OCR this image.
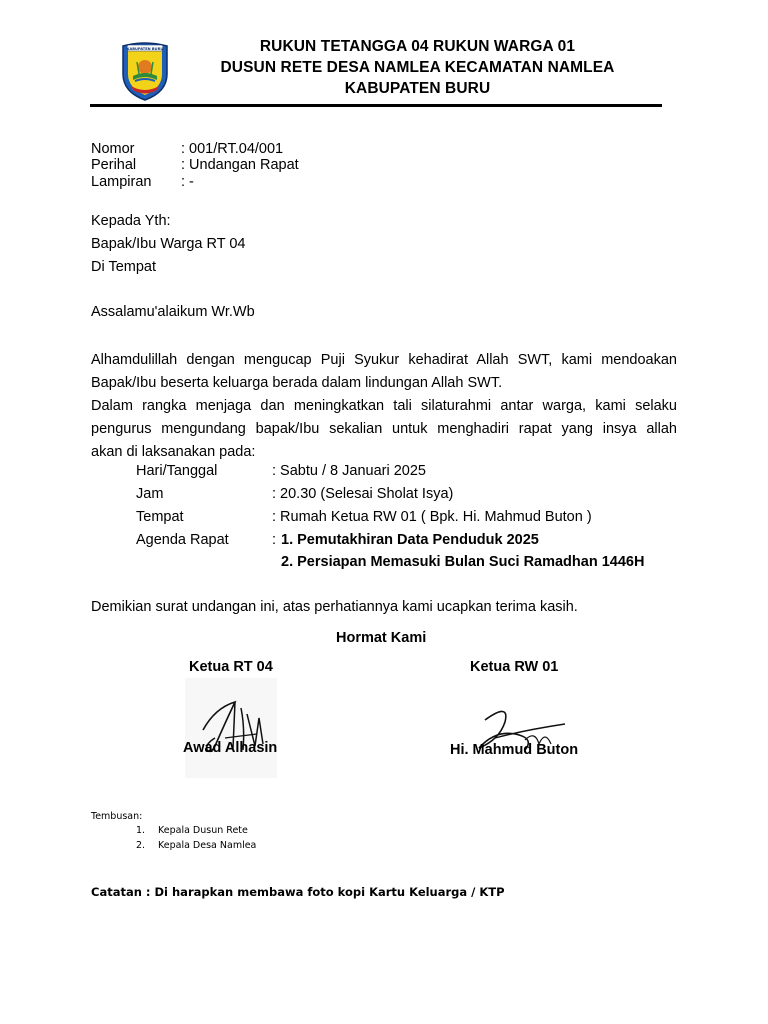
KABUPATEN BURU	RUKUN TETANGGA 04 RUKUN WARGA 01
DUSUN RETE DESA NAMLEA KECAMATAN NAMLEA
KABUPATEN BURU
Nomor	: 001/RT.04/001
Perihal	: Undangan Rapat
Lampiran : -
Kepada Yth:
Bapak/Ibu Warga RT 04
Di Tempat
Assalamu'alaikum Wr.Wb
Alhamdulillah dengan mengucap Puji Syukur kehadirat Allah SWT, kami mendoakan
Bapak/Ibu beserta keluarga berada dalam lindungan Allah SWT.
Dalam rangka menjaga dan meningkatkan tali silaturahmi antar warga, kami selaku
pengurus mengundang bapak/Ibu sekalian untuk menghadiri rapat yang insya allah
akan di laksanakan pada:
Hari/Tanggal	: Sabtu / 8 Januari 2025
Jam	: 20.30 (Selesai Sholat Isya)
Tempat	: Rumah Ketua RW 01 ( Bpk. Hi. Mahmud Buton )
Agenda Rapat	: 1. Pemutakhiran Data Penduduk 2025
2. Persiapan Memasuki Bulan Suci Ramadhan 1446H
Demikian surat undangan ini, atas perhatiannya kami ucapkan terima kasih.
Hormat Kami
Ketua RT 04	Ketua RW 01
Awad Alhasin	Hi. Mahmud Buton
Tembusan:
1. Kepala Dusun Rete
2. Kepala Desa Namlea
Catatan : Di harapkan membawa foto kopi Kartu Keluarga / KTP
